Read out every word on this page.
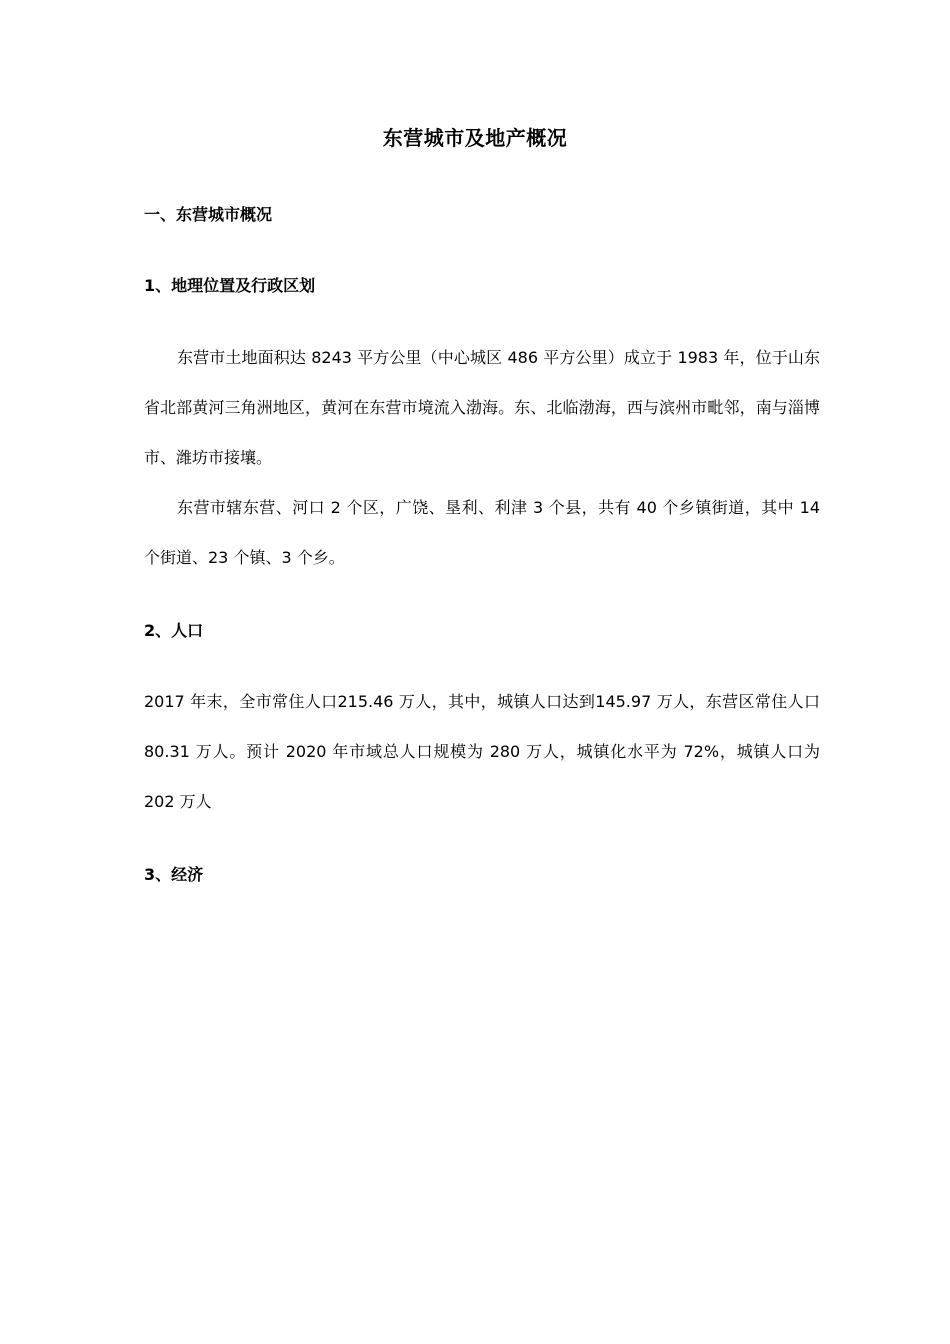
东营城市及地产概况
一、东营城市概况
1、地理位置及行政区划

东营市土地面积达 8243 平方公里（中心城区 486 平方公里）成立于 1983 年，位于山东省北部黄河三角洲地区，黄河在东营市境流入渤海。东、北临渤海，西与滨州市毗邻，南与淄博市、潍坊市接壤。

东营市辖东营、河口 2 个区，广饶、垦利、利津 3 个县，共有 40 个乡镇街道，其中 14 个街道、23 个镇、3 个乡。

2、人口

2017 年末，全市常住人口215.46 万人，其中，城镇人口达到145.97 万人，东营区常住人口 80.31 万人。预计 2020 年市域总人口规模为 280 万人，城镇化水平为 72%，城镇人口为 202 万人

3、经济
